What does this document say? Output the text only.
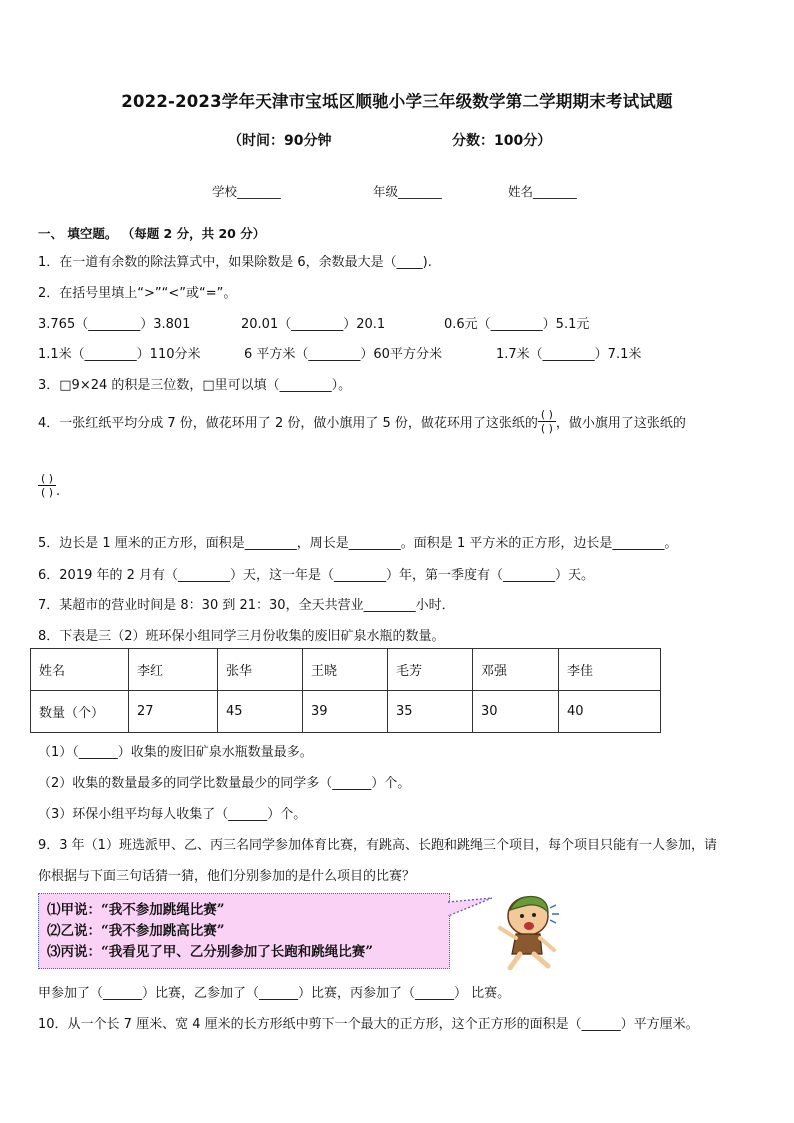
2022-2023学年天津市宝坻区顺驰小学三年级数学第二学期期末考试试题
（时间：90分钟	分数：100分）
学校_______	年级_______	姓名_______
一、 填空题。 （每题 2 分，共 20 分）
1．在一道有余数的除法算式中，如果除数是 6，余数最大是（____).
2．在括号里填上“>”“<”或“=”。
3.765（________）3.801	20.01（________）20.1	0.6元（________）5.1元
1.1米（________）110分米	6 平方米（________）60平方分米	1.7米（________）7.1米
3．□9×24 的积是三位数，□里可以填（________）。
4．一张红纸平均分成 7 份，做花环用了 2 份，做小旗用了 5 份，做花环用了这张纸的 $\frac{( )}{( )}$ ，做小旗用了这张纸的
$\frac{( )}{( )}$ .
5．边长是 1 厘米的正方形，面积是________，周长是________。面积是 1 平方米的正方形，边长是________。
6．2019 年的 2 月有（________）天，这一年是（________）年，第一季度有（________）天。
7．某超市的营业时间是 8：30 到 21：30，全天共营业________小时．
8．下表是三（2）班环保小组同学三月份收集的废旧矿泉水瓶的数量。
姓名	李红	张华	王晓	毛芳	邓强	李佳
数量（个）	27	45	39	35	30	40
（1）（______）收集的废旧矿泉水瓶数量最多。
（2）收集的数量最多的同学比数量最少的同学多（______）个。
（3）环保小组平均每人收集了（______）个。
9．3 年（1）班选派甲、乙、丙三名同学参加体育比赛，有跳高、长跑和跳绳三个项目，每个项目只能有一人参加，请
你根据与下面三句话猜一猜，他们分别参加的是什么项目的比赛？
⑴甲说：“我不参加跳绳比赛”
⑵乙说：“我不参加跳高比赛”
⑶丙说：“我看见了甲、乙分别参加了长跑和跳绳比赛”
甲参加了（______）比赛，乙参加了（______）比赛，丙参加了（______） 比赛。
10．从一个长 7 厘米、宽 4 厘米的长方形纸中剪下一个最大的正方形，这个正方形的面积是（______）平方厘米。
